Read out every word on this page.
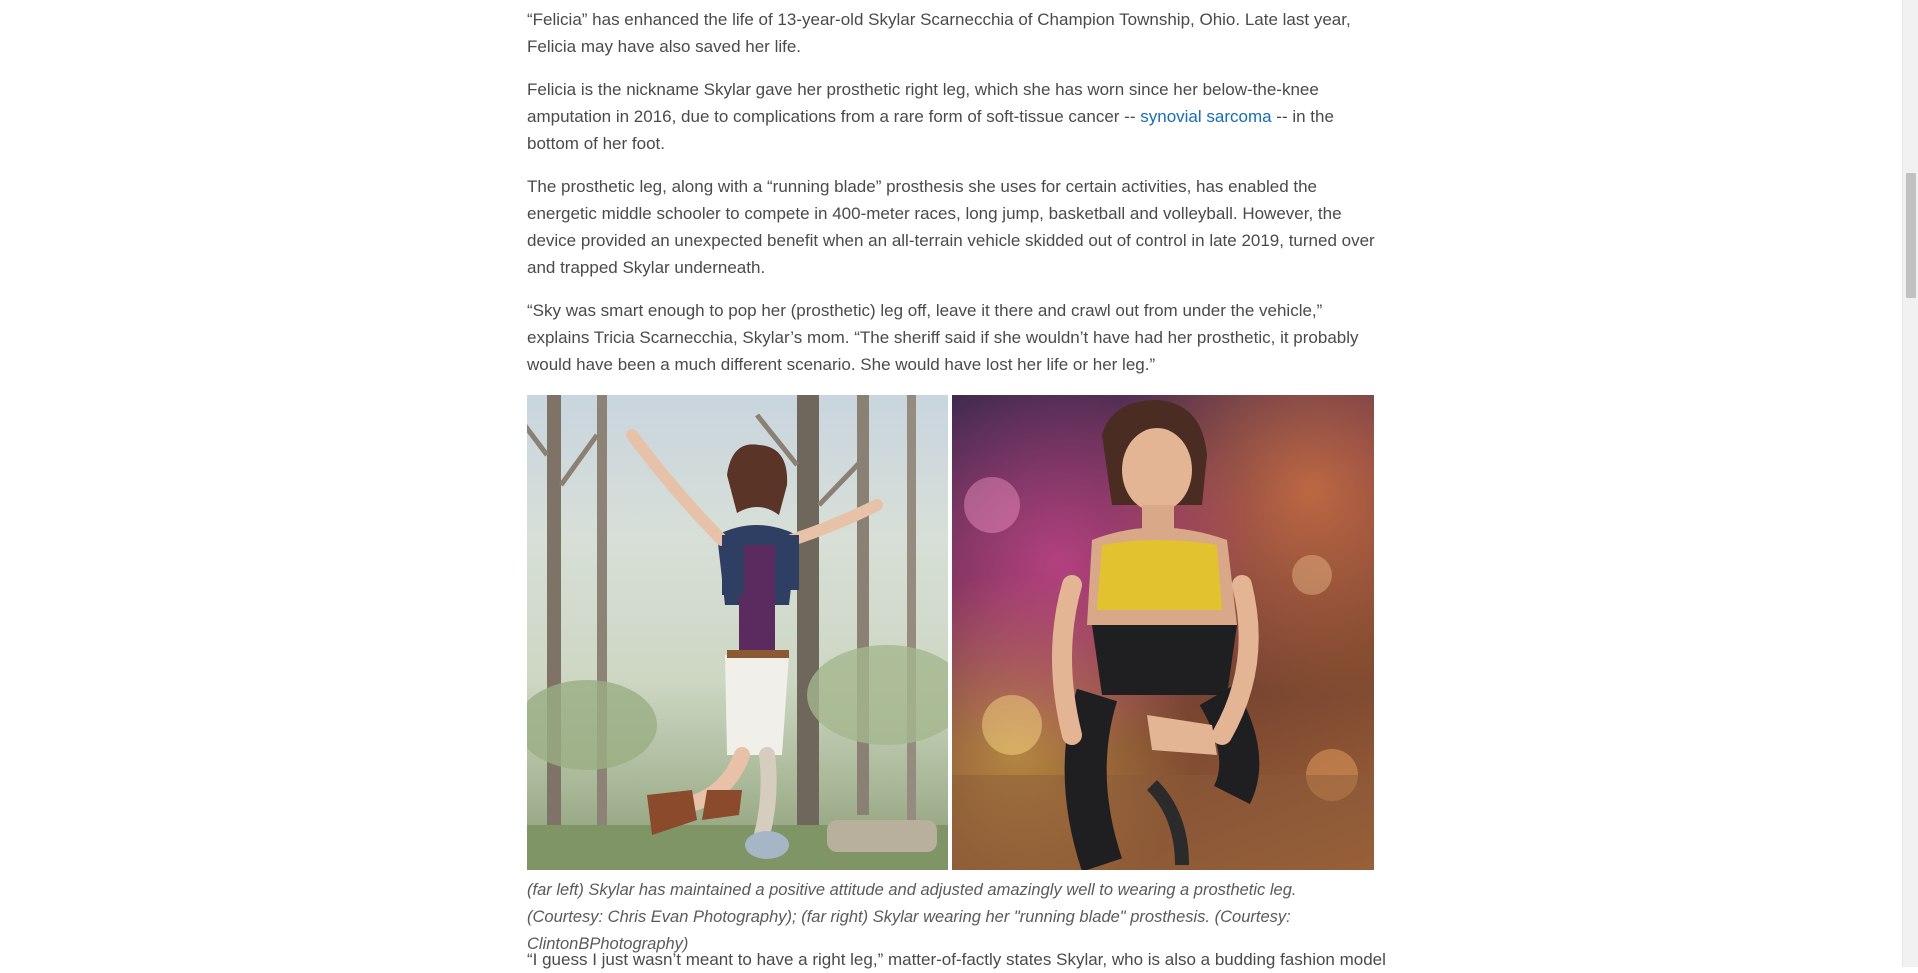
“Felicia” has enhanced the life of 13-year-old Skylar Scarnecchia of Champion Township, Ohio. Late last year, Felicia may have also saved her life.

Felicia is the nickname Skylar gave her prosthetic right leg, which she has worn since her below-the-knee amputation in 2016, due to complications from a rare form of soft-tissue cancer -- synovial sarcoma -- in the bottom of her foot.

The prosthetic leg, along with a “running blade” prosthesis she uses for certain activities, has enabled the energetic middle schooler to compete in 400-meter races, long jump, basketball and volleyball. However, the device provided an unexpected benefit when an all-terrain vehicle skidded out of control in late 2019, turned over and trapped Skylar underneath.

“Sky was smart enough to pop her (prosthetic) leg off, leave it there and crawl out from under the vehicle,” explains Tricia Scarnecchia, Skylar’s mom. “The sheriff said if she wouldn’t have had her prosthetic, it probably would have been a much different scenario. She would have lost her life or her leg.”

“I guess I just wasn’t meant to have a right leg,” matter-of-factly states Skylar, who is also a budding fashion model

(far left) Skylar has maintained a positive attitude and adjusted amazingly well to wearing a prosthetic leg. (Courtesy: Chris Evan Photography); (far right) Skylar wearing her "running blade" prosthesis. (Courtesy: ClintonBPhotography)
